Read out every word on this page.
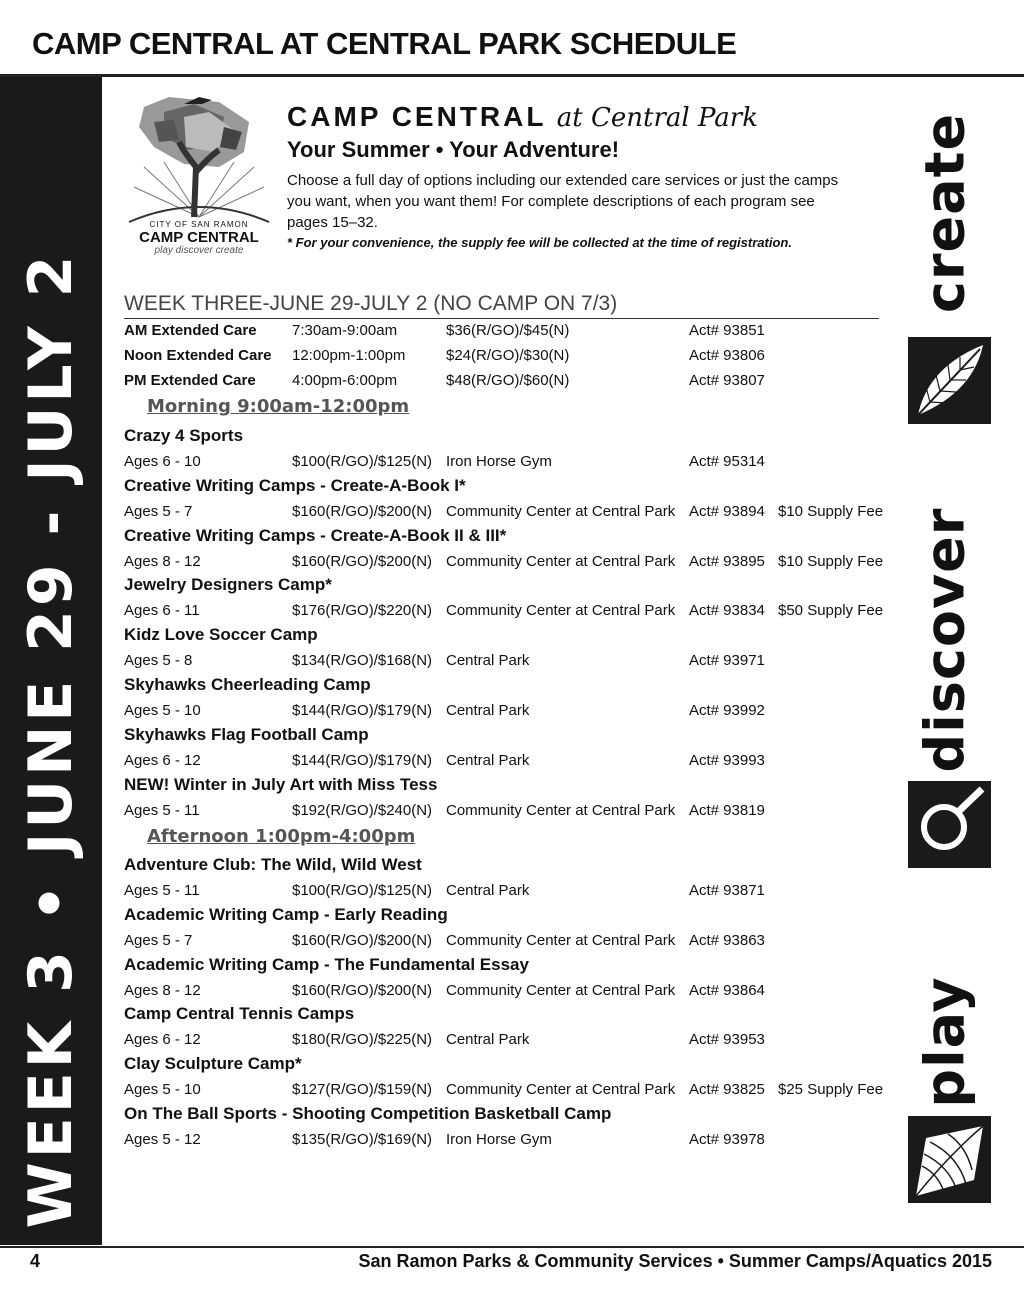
CAMP CENTRAL AT CENTRAL PARK SCHEDULE
WEEK 3 • JUNE 29 - JULY 2
CITY OF SAN RAMON
CAMP CENTRAL
play discover create
CAMP CENTRAL at Central Park
Your Summer • Your Adventure!
Choose a full day of options including our extended care services or just the camps you want, when you want them! For complete descriptions of each program see pages 15–32.
* For your convenience, the supply fee will be collected at the time of registration.
WEEK THREE-JUNE 29-JULY 2 (NO CAMP ON 7/3)
AM Extended Care 7:30am-9:00am	$36(R/GO)/$45(N)	Act# 93851
Noon Extended Care 12:00pm-1:00pm	$24(R/GO)/$30(N)	Act# 93806
PM Extended Care 4:00pm-6:00pm	$48(R/GO)/$60(N)	Act# 93807
Morning 9:00am-12:00pm
Crazy 4 Sports
Ages 6 - 10	$100(R/GO)/$125(N) Iron Horse Gym	Act# 95314
Creative Writing Camps - Create-A-Book I*
Ages 5 - 7	$160(R/GO)/$200(N) Community Center at Central Park Act# 93894 $10 Supply Fee
Creative Writing Camps - Create-A-Book II & III*
Ages 8 - 12	$160(R/GO)/$200(N) Community Center at Central Park Act# 93895 $10 Supply Fee
Jewelry Designers Camp*
Ages 6 - 11	$176(R/GO)/$220(N) Community Center at Central Park Act# 93834 $50 Supply Fee
Kidz Love Soccer Camp
Ages 5 - 8	$134(R/GO)/$168(N) Central Park	Act# 93971
Skyhawks Cheerleading Camp
Ages 5 - 10	$144(R/GO)/$179(N) Central Park	Act# 93992
Skyhawks Flag Football Camp
Ages 6 - 12	$144(R/GO)/$179(N) Central Park	Act# 93993
NEW! Winter in July Art with Miss Tess
Ages 5 - 11	$192(R/GO)/$240(N) Community Center at Central Park Act# 93819
Afternoon 1:00pm-4:00pm
Adventure Club: The Wild, Wild West
Ages 5 - 11	$100(R/GO)/$125(N) Central Park	Act# 93871
Academic Writing Camp - Early Reading
Ages 5 - 7	$160(R/GO)/$200(N) Community Center at Central Park Act# 93863
Academic Writing Camp - The Fundamental Essay
Ages 8 - 12	$160(R/GO)/$200(N) Community Center at Central Park Act# 93864
Camp Central Tennis Camps
Ages 6 - 12	$180(R/GO)/$225(N) Central Park	Act# 93953
Clay Sculpture Camp*
Ages 5 - 10	$127(R/GO)/$159(N) Community Center at Central Park Act# 93825 $25 Supply Fee
On The Ball Sports - Shooting Competition Basketball Camp
Ages 5 - 12	$135(R/GO)/$169(N) Iron Horse Gym	Act# 93978
create
discover
play
4	San Ramon Parks & Community Services • Summer Camps/Aquatics 2015
